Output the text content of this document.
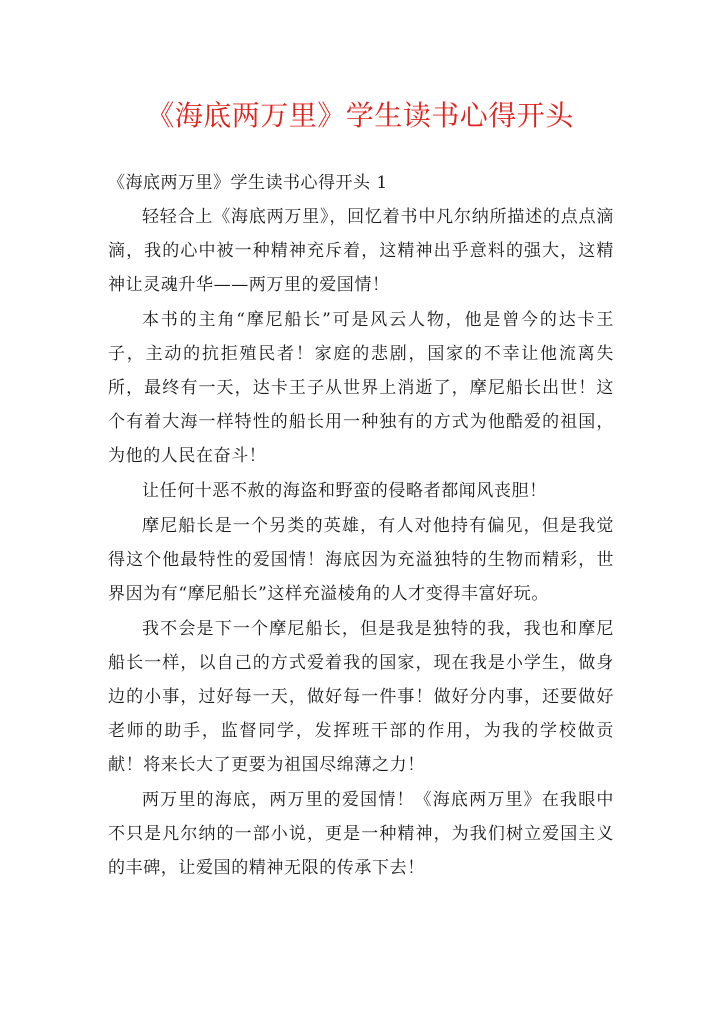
《海底两万里》学生读书心得开头

《海底两万里》学生读书心得开头 1

轻轻合上《海底两万里》，回忆着书中凡尔纳所描述的点点滴滴，我的心中被一种精神充斥着，这精神出乎意料的强大，这精神让灵魂升华——两万里的爱国情！

本书的主角“摩尼船长”可是风云人物，他是曾今的达卡王子，主动的抗拒殖民者！家庭的悲剧，国家的不幸让他流离失所，最终有一天，达卡王子从世界上消逝了，摩尼船长出世！这个有着大海一样特性的船长用一种独有的方式为他酷爱的祖国，为他的人民在奋斗！

让任何十恶不赦的海盗和野蛮的侵略者都闻风丧胆！

摩尼船长是一个另类的英雄，有人对他持有偏见，但是我觉得这个他最特性的爱国情！海底因为充溢独特的生物而精彩，世界因为有“摩尼船长”这样充溢棱角的人才变得丰富好玩。

我不会是下一个摩尼船长，但是我是独特的我，我也和摩尼船长一样，以自己的方式爱着我的国家，现在我是小学生，做身边的小事，过好每一天，做好每一件事！做好分内事，还要做好老师的助手，监督同学，发挥班干部的作用，为我的学校做贡献！将来长大了更要为祖国尽绵薄之力！

两万里的海底，两万里的爱国情！《海底两万里》在我眼中不只是凡尔纳的一部小说，更是一种精神，为我们树立爱国主义的丰碑，让爱国的精神无限的传承下去！
